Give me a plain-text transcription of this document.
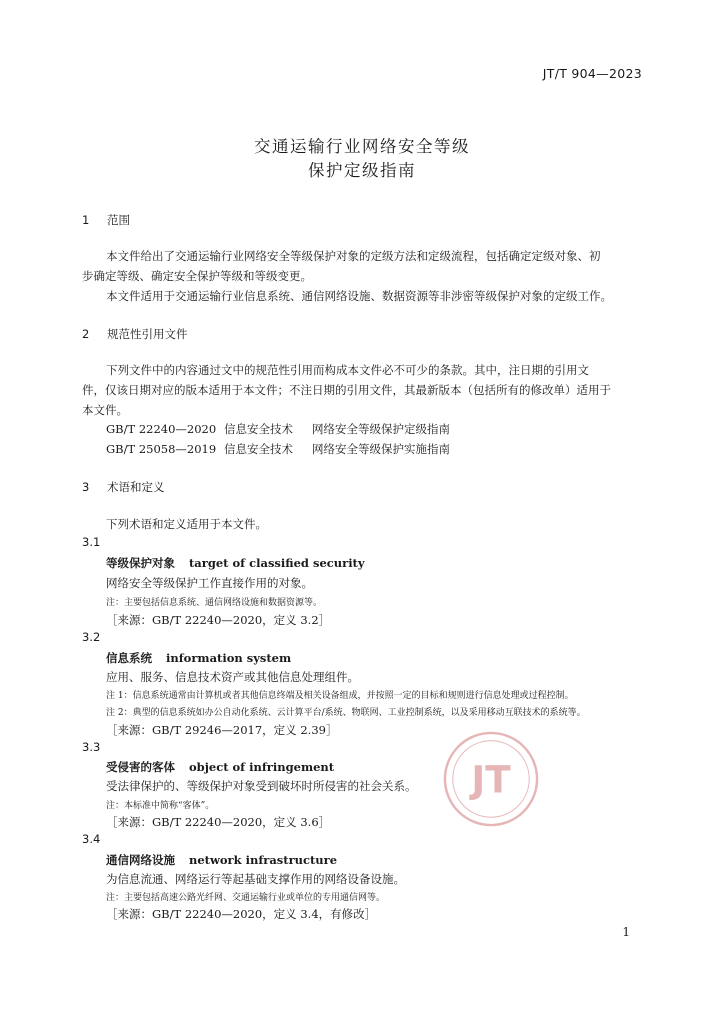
JT/T 904—2023
交通运输行业网络安全等级
保护定级指南
1 范围
本文件给出了交通运输行业网络安全等级保护对象的定级方法和定级流程，包括确定定级对象、初
步确定等级、确定安全保护等级和等级变更。
本文件适用于交通运输行业信息系统、通信网络设施、数据资源等非涉密等级保护对象的定级工作。
2 规范性引用文件
下列文件中的内容通过文中的规范性引用而构成本文件必不可少的条款。其中，注日期的引用文
件，仅该日期对应的版本适用于本文件；不注日期的引用文件，其最新版本（包括所有的修改单）适用于
本文件。
GB/T 22240—2020 信息安全技术 网络安全等级保护定级指南
GB/T 25058—2019 信息安全技术 网络安全等级保护实施指南
3 术语和定义
下列术语和定义适用于本文件。
3.1
等级保护对象 target of classified security
网络安全等级保护工作直接作用的对象。
注：主要包括信息系统、通信网络设施和数据资源等。
［来源：GB/T 22240—2020，定义 3.2］
3.2
信息系统 information system
应用、服务、信息技术资产或其他信息处理组件。
注 1：信息系统通常由计算机或者其他信息终端及相关设备组成，并按照一定的目标和规则进行信息处理或过程控制。
注 2：典型的信息系统如办公自动化系统、云计算平台/系统、物联网、工业控制系统，以及采用移动互联技术的系统等。
［来源：GB/T 29246—2017，定义 2.39］
3.3
受侵害的客体 object of infringement
受法律保护的、等级保护对象受到破坏时所侵害的社会关系。
注：本标准中简称“客体”。
［来源：GB/T 22240—2020，定义 3.6］
3.4
通信网络设施 network infrastructure
为信息流通、网络运行等起基础支撑作用的网络设备设施。
注：主要包括高速公路光纤网、交通运输行业或单位的专用通信网等。
［来源：GB/T 22240—2020，定义 3.4，有修改］
JT
1
